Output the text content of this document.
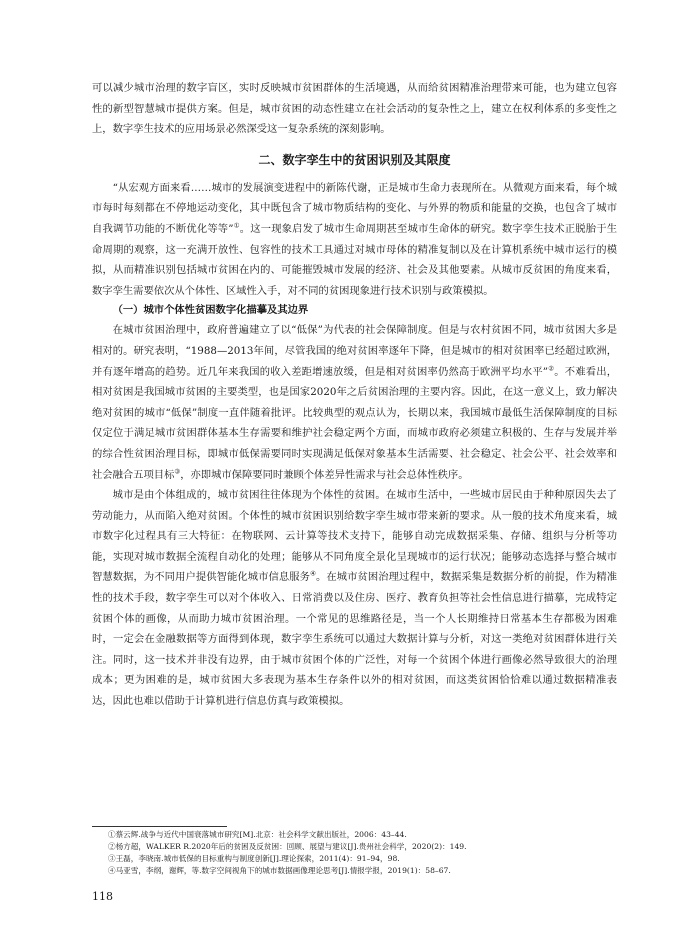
可以减少城市治理的数字盲区，实时反映城市贫困群体的生活境遇，从而给贫困精准治理带来可能，也为建立包容性的新型智慧城市提供方案。但是，城市贫困的动态性建立在社会活动的复杂性之上，建立在权利体系的多变性之上，数字孪生技术的应用场景必然深受这一复杂系统的深刻影响。

二、数字孪生中的贫困识别及其限度

“从宏观方面来看……城市的发展演变进程中的新陈代谢，正是城市生命力表现所在。从微观方面来看，每个城市每时每刻都在不停地运动变化，其中既包含了城市物质结构的变化、与外界的物质和能量的交换，也包含了城市自我调节功能的不断优化等等”①。这一现象启发了城市生命周期甚至城市生命体的研究。数字孪生技术正脱胎于生命周期的观察，这一充满开放性、包容性的技术工具通过对城市母体的精准复制以及在计算机系统中城市运行的模拟，从而精准识别包括城市贫困在内的、可能摧毁城市发展的经济、社会及其他要素。从城市反贫困的角度来看，数字孪生需要依次从个体性、区域性入手，对不同的贫困现象进行技术识别与政策模拟。

（一）城市个体性贫困数字化描摹及其边界

在城市贫困治理中，政府普遍建立了以“低保”为代表的社会保障制度。但是与农村贫困不同，城市贫困大多是相对的。研究表明，“1988—2013年间，尽管我国的绝对贫困率逐年下降，但是城市的相对贫困率已经超过欧洲，并有逐年增高的趋势。近几年来我国的收入差距增速放缓，但是相对贫困率仍然高于欧洲平均水平”②。不难看出，相对贫困是我国城市贫困的主要类型，也是国家2020年之后贫困治理的主要内容。因此，在这一意义上，致力解决绝对贫困的城市“低保”制度一直伴随着批评。比较典型的观点认为，长期以来，我国城市最低生活保障制度的目标仅定位于满足城市贫困群体基本生存需要和维护社会稳定两个方面，而城市政府必须建立积极的、生存与发展并举的综合性贫困治理目标，即城市低保需要同时实现满足低保对象基本生活需要、社会稳定、社会公平、社会效率和社会融合五项目标③，亦即城市保障要同时兼顾个体差异性需求与社会总体性秩序。

城市是由个体组成的，城市贫困往往体现为个体性的贫困。在城市生活中，一些城市居民由于种种原因失去了劳动能力，从而陷入绝对贫困。个体性的城市贫困识别给数字孪生城市带来新的要求。从一般的技术角度来看，城市数字化过程具有三大特征：在物联网、云计算等技术支持下，能够自动完成数据采集、存储、组织与分析等功能，实现对城市数据全流程自动化的处理；能够从不同角度全景化呈现城市的运行状况；能够动态选择与整合城市智慧数据，为不同用户提供智能化城市信息服务④。在城市贫困治理过程中，数据采集是数据分析的前提，作为精准性的技术手段，数字孪生可以对个体收入、日常消费以及住房、医疗、教育负担等社会性信息进行描摹，完成特定贫困个体的画像，从而助力城市贫困治理。一个常见的思维路径是，当一个人长期维持日常基本生存都极为困难时，一定会在金融数据等方面得到体现，数字孪生系统可以通过大数据计算与分析，对这一类绝对贫困群体进行关注。同时，这一技术并非没有边界，由于城市贫困个体的广泛性，对每一个贫困个体进行画像必然导致很大的治理成本；更为困难的是，城市贫困大多表现为基本生存条件以外的相对贫困，而这类贫困恰恰难以通过数据精准表达，因此也难以借助于计算机进行信息仿真与政策模拟。

①蔡云辉.战争与近代中国衰落城市研究[M].北京：社会科学文献出版社，2006：43–44.
②杨方超，WALKER R.2020年后的贫困及反贫困：回顾、展望与建议[J].贵州社会科学，2020(2)：149.
③王磊，李晓南.城市低保的目标重构与制度创新[J].理论探索，2011(4)：91–94，98.
④马亚雪，李纲，谢辉，等.数字空间视角下的城市数据画像理论思考[J].情报学报，2019(1)：58–67.
118
